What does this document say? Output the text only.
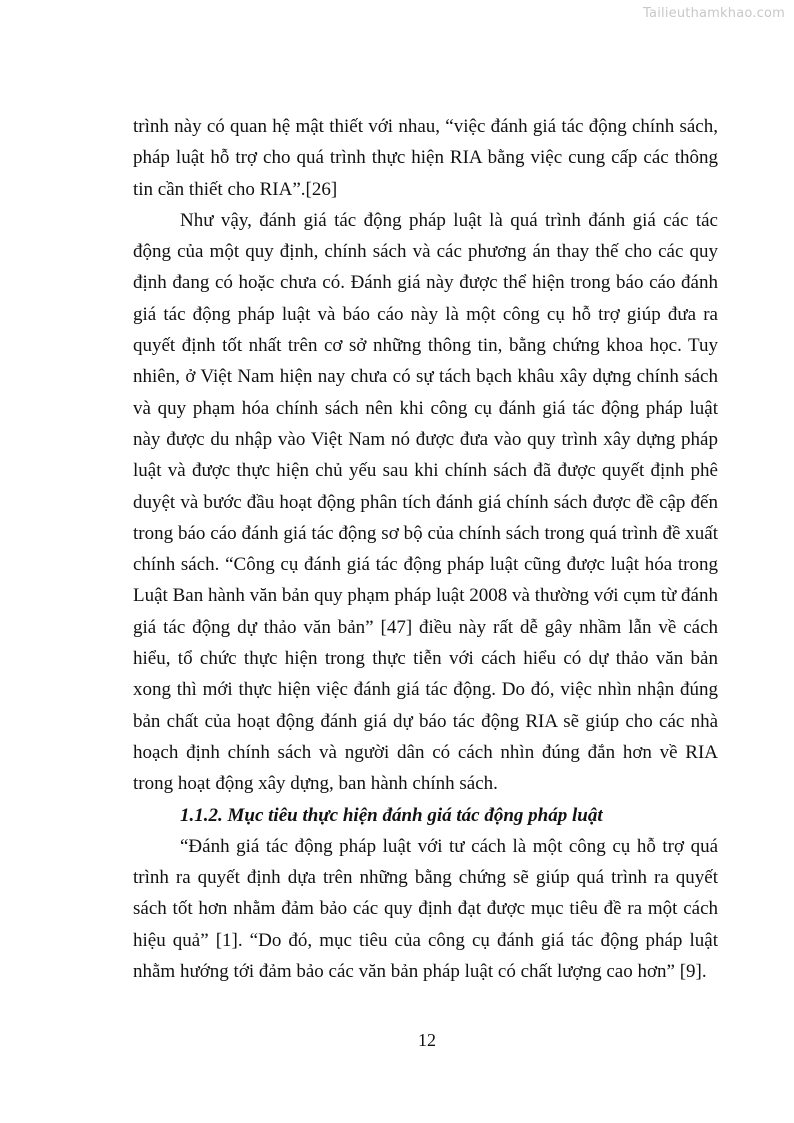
Tailieuthamkhao.com

trình này có quan hệ mật thiết với nhau, “việc đánh giá tác động chính sách, pháp luật hỗ trợ cho quá trình thực hiện RIA bằng việc cung cấp các thông tin cần thiết cho RIA”.[26]

Như vậy, đánh giá tác động pháp luật là quá trình đánh giá các tác động của một quy định, chính sách và các phương án thay thế cho các quy định đang có hoặc chưa có. Đánh giá này được thể hiện trong báo cáo đánh giá tác động pháp luật và báo cáo này là một công cụ hỗ trợ giúp đưa ra quyết định tốt nhất trên cơ sở những thông tin, bằng chứng khoa học. Tuy nhiên, ở Việt Nam hiện nay chưa có sự tách bạch khâu xây dựng chính sách và quy phạm hóa chính sách nên khi công cụ đánh giá tác động pháp luật này được du nhập vào Việt Nam nó được đưa vào quy trình xây dựng pháp luật và được thực hiện chủ yếu sau khi chính sách đã được quyết định phê duyệt và bước đầu hoạt động phân tích đánh giá chính sách được đề cập đến trong báo cáo đánh giá tác động sơ bộ của chính sách trong quá trình đề xuất chính sách. “Công cụ đánh giá tác động pháp luật cũng được luật hóa trong Luật Ban hành văn bản quy phạm pháp luật 2008 và thường với cụm từ đánh giá tác động dự thảo văn bản” [47] điều này rất dễ gây nhầm lẫn về cách hiểu, tổ chức thực hiện trong thực tiễn với cách hiểu có dự thảo văn bản xong thì mới thực hiện việc đánh giá tác động. Do đó, việc nhìn nhận đúng bản chất của hoạt động đánh giá dự báo tác động RIA sẽ giúp cho các nhà hoạch định chính sách và người dân có cách nhìn đúng đắn hơn về RIA trong hoạt động xây dựng, ban hành chính sách.

1.1.2. Mục tiêu thực hiện đánh giá tác động pháp luật

“Đánh giá tác động pháp luật với tư cách là một công cụ hỗ trợ quá trình ra quyết định dựa trên những bằng chứng sẽ giúp quá trình ra quyết sách tốt hơn nhằm đảm bảo các quy định đạt được mục tiêu đề ra một cách hiệu quả” [1]. “Do đó, mục tiêu của công cụ đánh giá tác động pháp luật nhằm hướng tới đảm bảo các văn bản pháp luật có chất lượng cao hơn” [9].

12
